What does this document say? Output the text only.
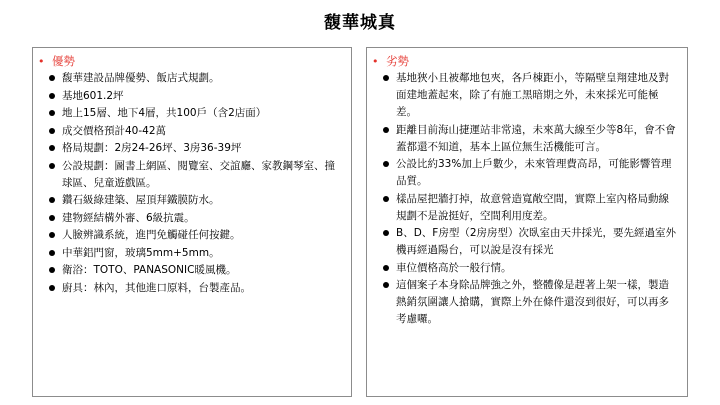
馥華城真
• 優勢
馥華建設品牌優勢、飯店式規劃。
基地601.2坪
地上15層、地下4層，共100戶（含2店面）
成交價格預計40-42萬
格局規劃：2房24-26坪、3房36-39坪
公設規劃：圖書上網區、閱覽室、交誼廳、家教鋼琴室、撞球區、兒童遊戲區。
鑽石級綠建築、屋頂拜鐵膜防水。
建物經結構外審、6級抗震。
人臉辨識系統，進門免觸碰任何按鍵。
中華鋁門窗，玻璃5mm+5mm。
衛浴：TOTO、PANASONIC暖風機。
廚具：林內，其他進口原料，台製產品。
• 劣勢
基地狹小且被鄰地包夾，各戶棟距小，等隔壁皇翔建地及對面建地蓋起來，除了有施工黑暗期之外，未來採光可能極差。
距離目前海山捷運站非常遠，未來萬大線至少等8年，會不會蓋都還不知道，基本上區位無生活機能可言。
公設比約33%加上戶數少，未來管理費高昂，可能影響管理品質。
樣品屋把牆打掉，故意營造寬敞空間，實際上室內格局動線規劃不是說挺好，空間利用度差。
B、D、F房型（2房房型）次臥室由天井採光，要先經過室外機再經過陽台，可以說是沒有採光
車位價格高於一般行情。
這個案子本身除品牌強之外，整體像是趕著上架一樣，製造熱銷氛圍讓人搶購，實際上外在條件還沒到很好，可以再多考慮囉。
